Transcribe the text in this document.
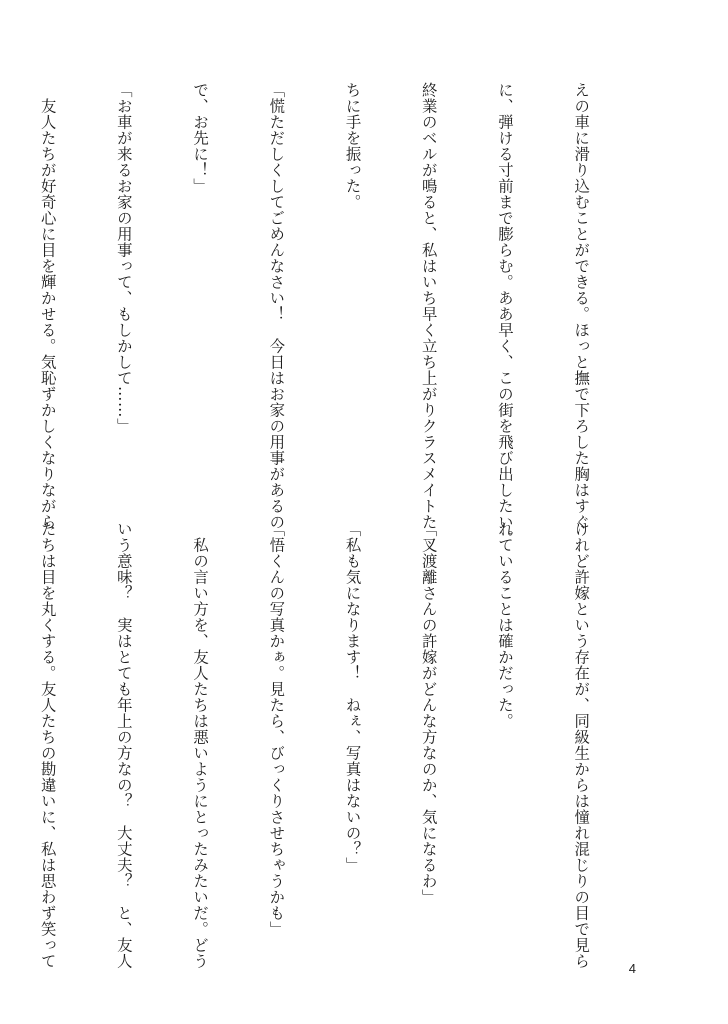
えの車に滑り込むことができる。ほっと撫で下ろした胸はすぐ

に、弾ける寸前まで膨らむ。ああ早く、この街を飛び出したい。

終業のベルが鳴ると、私はいち早く立ち上がりクラスメイトた

ちに手を振った。

「慌ただしくしてごめんなさい！　今日はお家の用事があるの

で、お先に！」

「お車が来るお家の用事って、もしかして……」

　友人たちが好奇心に目を輝かせる。気恥ずかしくなりながら

けれど許嫁という存在が、同級生からは憧れ混じりの目で見ら

れていることは確かだった。

「叉渡離さんの許嫁がどんな方なのか、気になるわ」

「私も気になります！　ねぇ、写真はないの？」

「悟くんの写真かぁ。見たら、びっくりさせちゃうかも」

　私の言い方を、友人たちは悪いようにとったみたいだ。どう

いう意味？　実はとても年上の方なの？　大丈夫？　と、友人

たちは目を丸くする。友人たちの勘違いに、私は思わず笑って

	4
